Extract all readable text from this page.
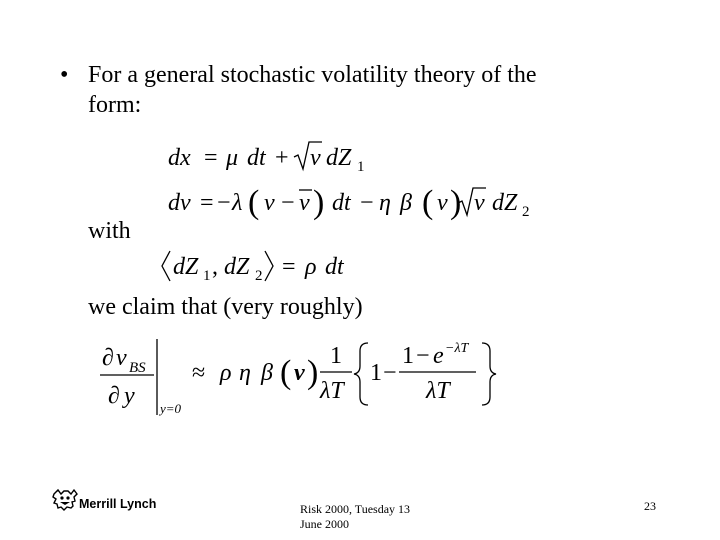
• For a general stochastic volatility theory of the
form:
dx = μ dt + v dZ 1
dv = − λ ( v − v ) dt − η β ( v ) v dZ 2
with
dZ 1 , dZ 2 = ρ dt
we claim that (very roughly)
∂ v BS
∂ y y=0
≈ ρ η β ( v ) 1
λT
1 −
1 − e −λT
λT
Merrill Lynch	Risk 2000, Tuesday 13
June 2000
23
